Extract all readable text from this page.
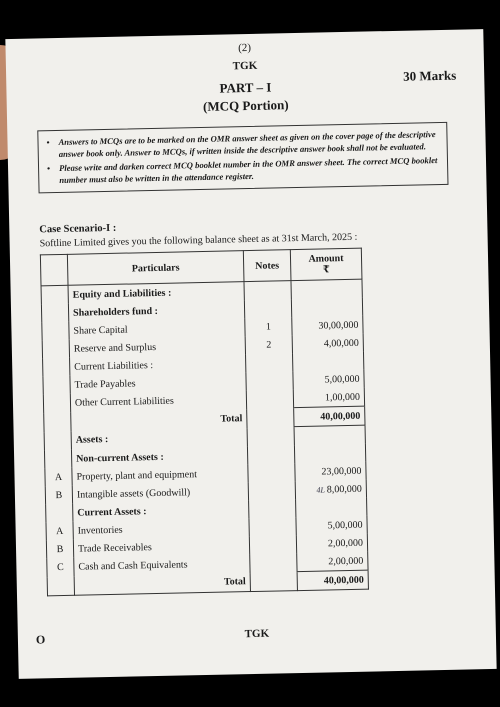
(2)
TGK
30 Marks
PART – I
(MCQ Portion)
• Answers to MCQs are to be marked on the OMR answer sheet as given on the cover page of the descriptive answer book only. Answer to MCQs, if written inside the descriptive answer book shall not be evaluated.
• Please write and darken correct MCQ booklet number in the OMR answer sheet. The correct MCQ booklet number must also be written in the attendance register.
Case Scenario-I :
Softline Limited gives you the following balance sheet as at 31st March, 2025 :
	Particulars	Notes	Amount
₹

	Equity and Liabilities :		
	Shareholders fund :		
	Share Capital	1	30,00,000
	Reserve and Surplus	2	4,00,000
	Current Liabilities :		
	Trade Payables		5,00,000
	Other Current Liabilities		1,00,000
	Total		40,00,000
	Assets :		
	Non-current Assets :		
A	Property, plant and equipment		23,00,000
B	Intangible assets (Goodwill)		4L 8,00,000
	Current Assets :		
A	Inventories		5,00,000
B	Trade Receivables		2,00,000
C	Cash and Cash Equivalents		2,00,000
	Total		40,00,000
O	TGK
